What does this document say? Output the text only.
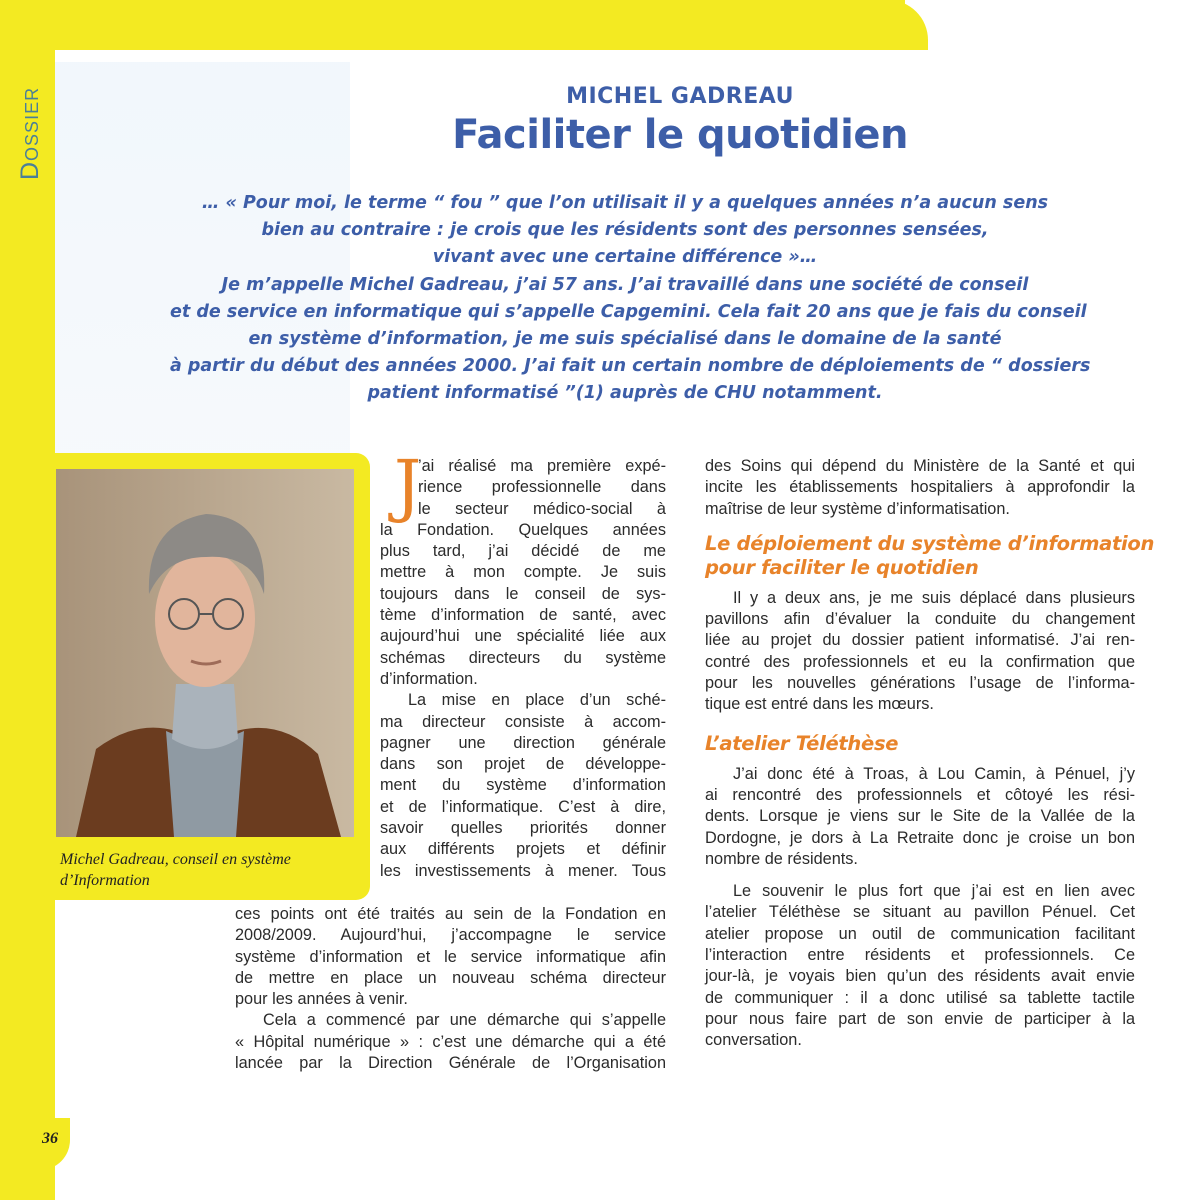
36
Dossier	MICHEL GADREAU
Faciliter le quotidien

… « Pour moi, le terme “ fou ” que l’on utilisait il y a quelques années n’a aucun sens
bien au contraire : je crois que les résidents sont des personnes sensées,
vivant avec une certaine différence »…
Je m’appelle Michel Gadreau, j’ai 57 ans. J’ai travaillé dans une société de conseil
et de service en informatique qui s’appelle Capgemini. Cela fait 20 ans que je fais du conseil
en système d’information, je me suis spécialisé dans le domaine de la santé
à partir du début des années 2000. J’ai fait un certain nombre de déploiements de “ dossiers
patient informatisé ”(1) auprès de CHU notamment.

Michel Gadreau, conseil en système
d’Information

J
’ai réalisé ma première expé-
rience professionnelle dans
le secteur médico-social à
la Fondation. Quelques années
plus tard, j’ai décidé de me
mettre à mon compte. Je suis
toujours dans le conseil de sys-
tème d’information de santé, avec
aujourd’hui une spécialité liée aux
schémas directeurs du système
d’information.
La mise en place d’un sché-
ma directeur consiste à accom-
pagner une direction générale
dans son projet de développe-
ment du système d’information
et de l’informatique. C’est à dire,
savoir quelles priorités donner
aux différents projets et définir
les investissements à mener. Tous
ces points ont été traités au sein de la Fondation en
2008/2009. Aujourd’hui, j’accompagne le service
système d’information et le service informatique afin
de mettre en place un nouveau schéma directeur
pour les années à venir.
Cela a commencé par une démarche qui s’appelle
« Hôpital numérique » : c’est une démarche qui a été
lancée par la Direction Générale de l’Organisation
des Soins qui dépend du Ministère de la Santé et qui
incite les établissements hospitaliers à approfondir la
maîtrise de leur système d’informatisation.

Le déploiement du système d’information
pour faciliter le quotidien

Il y a deux ans, je me suis déplacé dans plusieurs
pavillons afin d’évaluer la conduite du changement
liée au projet du dossier patient informatisé. J’ai ren-
contré des professionnels et eu la confirmation que
pour les nouvelles générations l’usage de l’informa-
tique est entré dans les mœurs.

L’atelier Téléthèse

J’ai donc été à Troas, à Lou Camin, à Pénuel, j’y
ai rencontré des professionnels et côtoyé les rési-
dents. Lorsque je viens sur le Site de la Vallée de la
Dordogne, je dors à La Retraite donc je croise un bon
nombre de résidents.
Le souvenir le plus fort que j’ai est en lien avec
l’atelier Téléthèse se situant au pavillon Pénuel. Cet
atelier propose un outil de communication facilitant
l’interaction entre résidents et professionnels. Ce
jour-là, je voyais bien qu’un des résidents avait envie
de communiquer : il a donc utilisé sa tablette tactile
pour nous faire part de son envie de participer à la
conversation.
